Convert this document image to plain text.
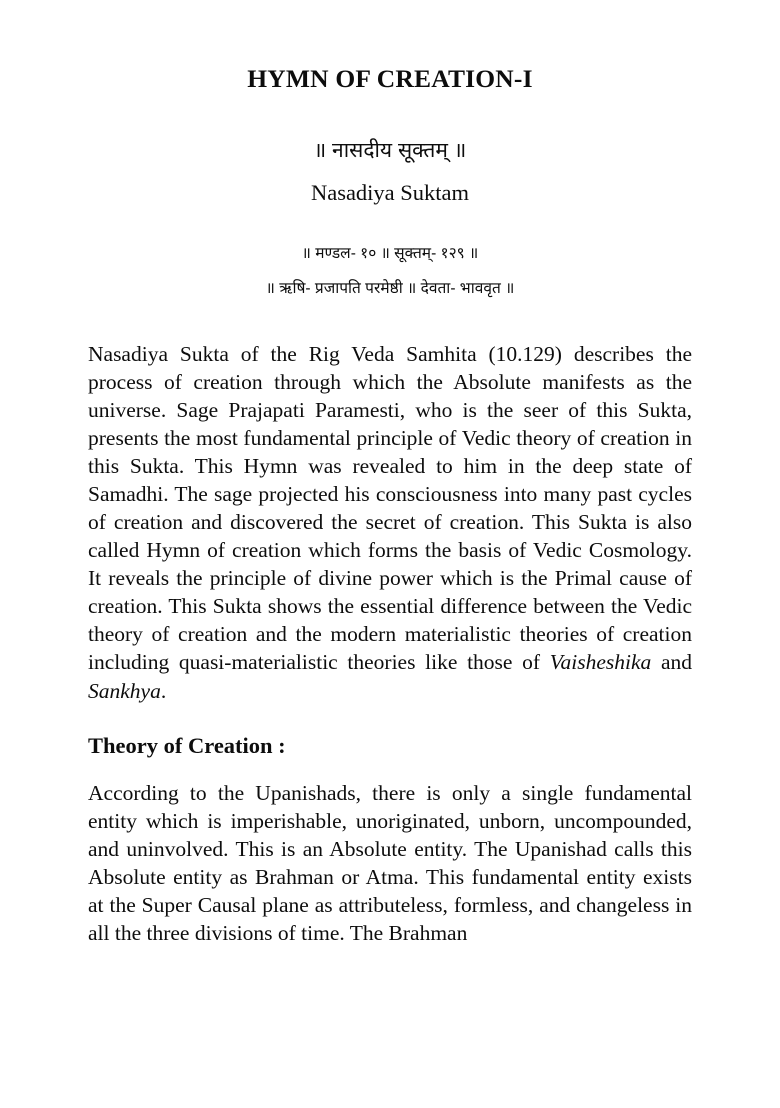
HYMN OF CREATION-I

॥ नासदीय सूक्तम् ॥

Nasadiya Suktam

॥ मण्डल- १० ॥ सूक्तम्- १२९ ॥

॥ ऋषि- प्रजापति परमेष्ठी ॥ देवता- भाववृत ॥

Nasadiya Sukta of the Rig Veda Samhita (10.129) describes the process of creation through which the Absolute manifests as the universe. Sage Prajapati Paramesti, who is the seer of this Sukta, presents the most fundamental principle of Vedic theory of creation in this Sukta. This Hymn was revealed to him in the deep state of Samadhi. The sage projected his consciousness into many past cycles of creation and discovered the secret of creation. This Sukta is also called Hymn of creation which forms the basis of Vedic Cosmology. It reveals the principle of divine power which is the Primal cause of creation. This Sukta shows the essential difference between the Vedic theory of creation and the modern materialistic theories of creation including quasi-materialistic theories like those of Vaisheshika and Sankhya.

Theory of Creation :

According to the Upanishads, there is only a single fundamental entity which is imperishable, unoriginated, unborn, uncompounded, and uninvolved. This is an Absolute entity. The Upanishad calls this Absolute entity as Brahman or Atma. This fundamental entity exists at the Super Causal plane as attributeless, formless, and changeless in all the three divisions of time. The Brahman
